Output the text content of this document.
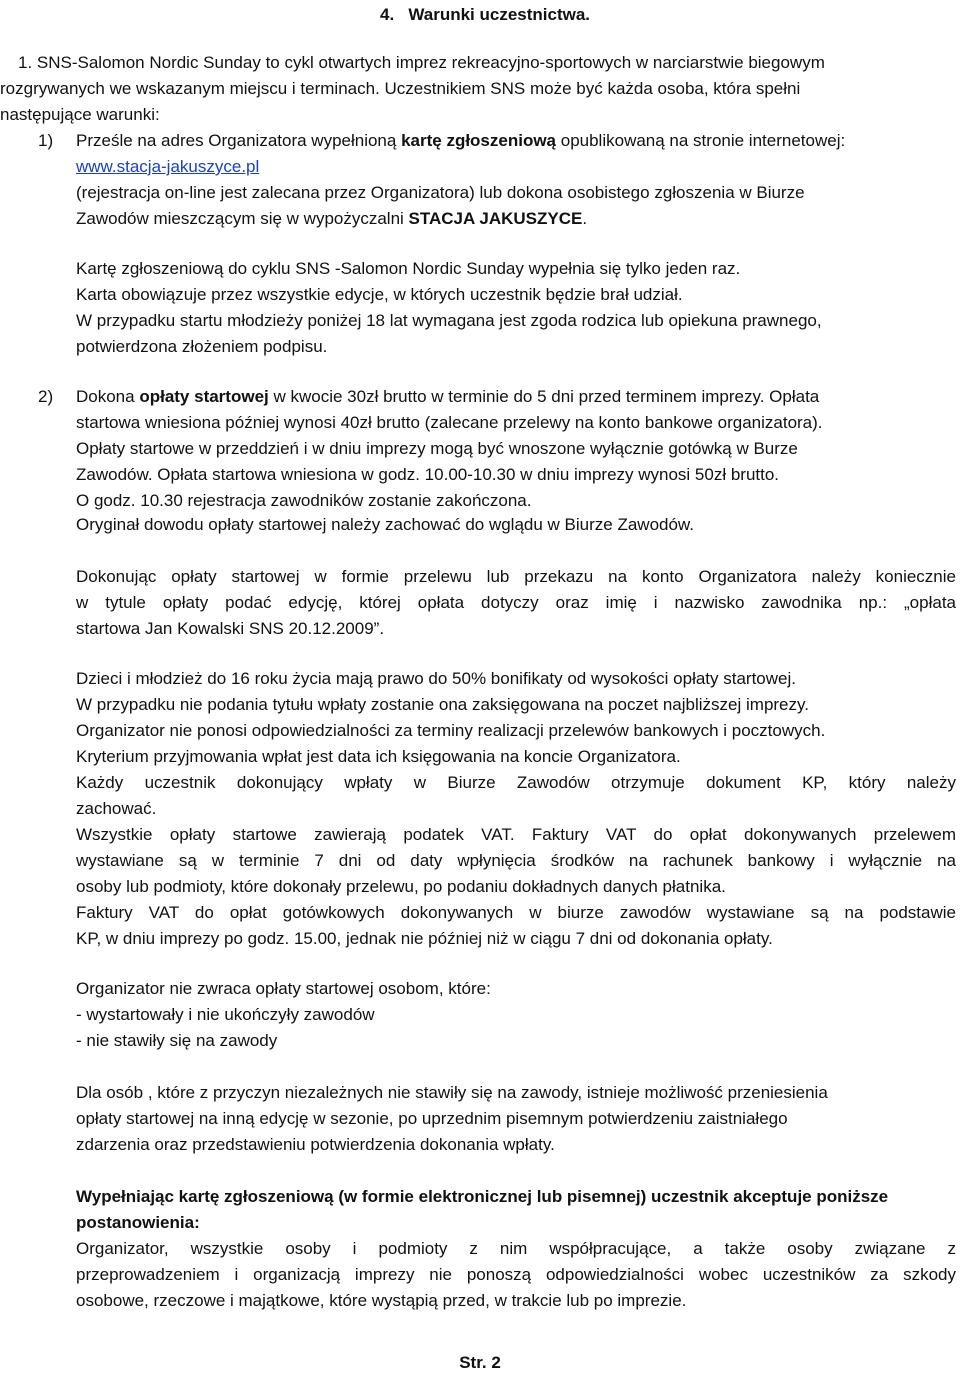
4.   Warunki uczestnictwa.
1. SNS-Salomon Nordic Sunday to cykl otwartych imprez rekreacyjno-sportowych w narciarstwie biegowym
rozgrywanych we wskazanym miejscu i terminach. Uczestnikiem SNS może być każda osoba, która spełni
następujące warunki:
1) Prześle na adres Organizatora wypełnioną kartę zgłoszeniową opublikowaną na stronie internetowej:
www.stacja-jakuszyce.pl
(rejestracja on-line jest zalecana przez Organizatora) lub dokona osobistego zgłoszenia w Biurze
Zawodów mieszczącym się w wypożyczalni STACJA JAKUSZYCE.
Kartę zgłoszeniową do cyklu SNS -Salomon Nordic Sunday wypełnia się tylko jeden raz.
Karta obowiązuje przez wszystkie edycje, w których uczestnik będzie brał udział.
W przypadku startu młodzieży poniżej 18 lat wymagana jest zgoda rodzica lub opiekuna prawnego,
potwierdzona złożeniem podpisu.
2) Dokona opłaty startowej w kwocie 30zł brutto w terminie do 5 dni przed terminem imprezy. Opłata
startowa wniesiona później wynosi 40zł brutto (zalecane przelewy na konto bankowe organizatora).
Opłaty startowe w przeddzień i w dniu imprezy mogą być wnoszone wyłącznie gotówką w Burze
Zawodów. Opłata startowa wniesiona w godz. 10.00-10.30 w dniu imprezy wynosi 50zł brutto.
O godz. 10.30 rejestracja zawodników zostanie zakończona.
Oryginał dowodu opłaty startowej należy zachować do wglądu w Biurze Zawodów.
Dokonując opłaty startowej w formie przelewu lub przekazu na konto Organizatora należy koniecznie
w tytule opłaty podać edycję, której opłata dotyczy oraz imię i nazwisko zawodnika np.: „opłata
startowa Jan Kowalski SNS 20.12.2009”.
Dzieci i młodzież do 16 roku życia mają prawo do 50% bonifikaty od wysokości opłaty startowej.
W przypadku nie podania tytułu wpłaty zostanie ona zaksięgowana na poczet najbliższej imprezy.
Organizator nie ponosi odpowiedzialności za terminy realizacji przelewów bankowych i pocztowych.
Kryterium przyjmowania wpłat jest data ich księgowania na koncie Organizatora.
Każdy uczestnik dokonujący wpłaty w Biurze Zawodów otrzymuje dokument KP, który należy
zachować.
Wszystkie opłaty startowe zawierają podatek VAT. Faktury VAT do opłat dokonywanych przelewem
wystawiane są w terminie 7 dni od daty wpłynięcia środków na rachunek bankowy i wyłącznie na
osoby lub podmioty, które dokonały przelewu, po podaniu dokładnych danych płatnika.
Faktury VAT do opłat gotówkowych dokonywanych w biurze zawodów wystawiane są na podstawie
KP, w dniu imprezy po godz. 15.00, jednak nie później niż w ciągu 7 dni od dokonania opłaty.
Organizator nie zwraca opłaty startowej osobom, które:
- wystartowały i nie ukończyły zawodów
- nie stawiły się na zawody
Dla osób , które z przyczyn niezależnych nie stawiły się na zawody, istnieje możliwość przeniesienia
opłaty startowej na inną edycję w sezonie, po uprzednim pisemnym potwierdzeniu zaistniałego
zdarzenia oraz przedstawieniu potwierdzenia dokonania wpłaty.
Wypełniając kartę zgłoszeniową (w formie elektronicznej lub pisemnej) uczestnik akceptuje poniższe
postanowienia:
Organizator, wszystkie osoby i podmioty z nim współpracujące, a także osoby związane z
przeprowadzeniem i organizacją imprezy nie ponoszą odpowiedzialności wobec uczestników za szkody
osobowe, rzeczowe i majątkowe, które wystąpią przed, w trakcie lub po imprezie.
Str. 2
